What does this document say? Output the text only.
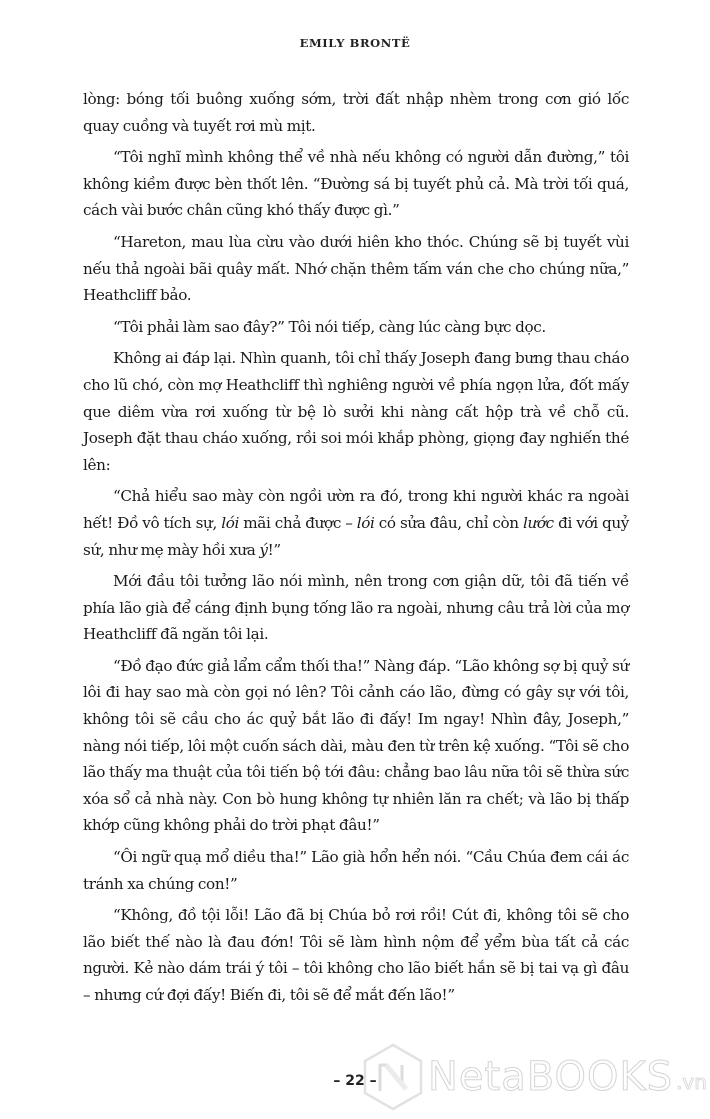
EMILY BRONTË

lòng: bóng tối buông xuống sớm, trời đất nhập nhèm trong cơn gió lốc quay cuồng và tuyết rơi mù mịt.

“Tôi nghĩ mình không thể về nhà nếu không có người dẫn đường,” tôi không kiềm được bèn thốt lên. “Đường sá bị tuyết phủ cả. Mà trời tối quá, cách vài bước chân cũng khó thấy được gì.”

“Hareton, mau lùa cừu vào dưới hiên kho thóc. Chúng sẽ bị tuyết vùi nếu thả ngoài bãi quây mất. Nhớ chặn thêm tấm ván che cho chúng nữa,” Heathcliff bảo.

“Tôi phải làm sao đây?” Tôi nói tiếp, càng lúc càng bực dọc.

Không ai đáp lại. Nhìn quanh, tôi chỉ thấy Joseph đang bưng thau cháo cho lũ chó, còn mợ Heathcliff thì nghiêng người về phía ngọn lửa, đốt mấy que diêm vừa rơi xuống từ bệ lò sưởi khi nàng cất hộp trà về chỗ cũ. Joseph đặt thau cháo xuống, rồi soi mói khắp phòng, giọng đay nghiến thé lên:

“Chả hiểu sao mày còn ngồi ườn ra đó, trong khi người khác ra ngoài hết! Đồ vô tích sự, lói mãi chả được – lói có sửa đâu, chỉ còn lước đi với quỷ sứ, như mẹ mày hồi xưa ý!”

Mới đầu tôi tưởng lão nói mình, nên trong cơn giận dữ, tôi đã tiến về phía lão già để cáng định bụng tống lão ra ngoài, nhưng câu trả lời của mợ Heathcliff đã ngăn tôi lại.

“Đồ đạo đức giả lẩm cẩm thối tha!” Nàng đáp. “Lão không sợ bị quỷ sứ lôi đi hay sao mà còn gọi nó lên? Tôi cảnh cáo lão, đừng có gây sự với tôi, không tôi sẽ cầu cho ác quỷ bắt lão đi đấy! Im ngay! Nhìn đây, Joseph,” nàng nói tiếp, lôi một cuốn sách dài, màu đen từ trên kệ xuống. “Tôi sẽ cho lão thấy ma thuật của tôi tiến bộ tới đâu: chẳng bao lâu nữa tôi sẽ thừa sức xóa sổ cả nhà này. Con bò hung không tự nhiên lăn ra chết; và lão bị thấp khớp cũng không phải do trời phạt đâu!”

“Ôi ngữ quạ mổ diều tha!” Lão già hổn hển nói. “Cầu Chúa đem cái ác tránh xa chúng con!”

“Không, đồ tội lỗi! Lão đã bị Chúa bỏ rơi rồi! Cút đi, không tôi sẽ cho lão biết thế nào là đau đớn! Tôi sẽ làm hình nộm để yểm bùa tất cả các người. Kẻ nào dám trái ý tôi – tôi không cho lão biết hắn sẽ bị tai vạ gì đâu – nhưng cứ đợi đấy! Biến đi, tôi sẽ để mắt đến lão!”

– 22 –	NetaBOOKS .vn
